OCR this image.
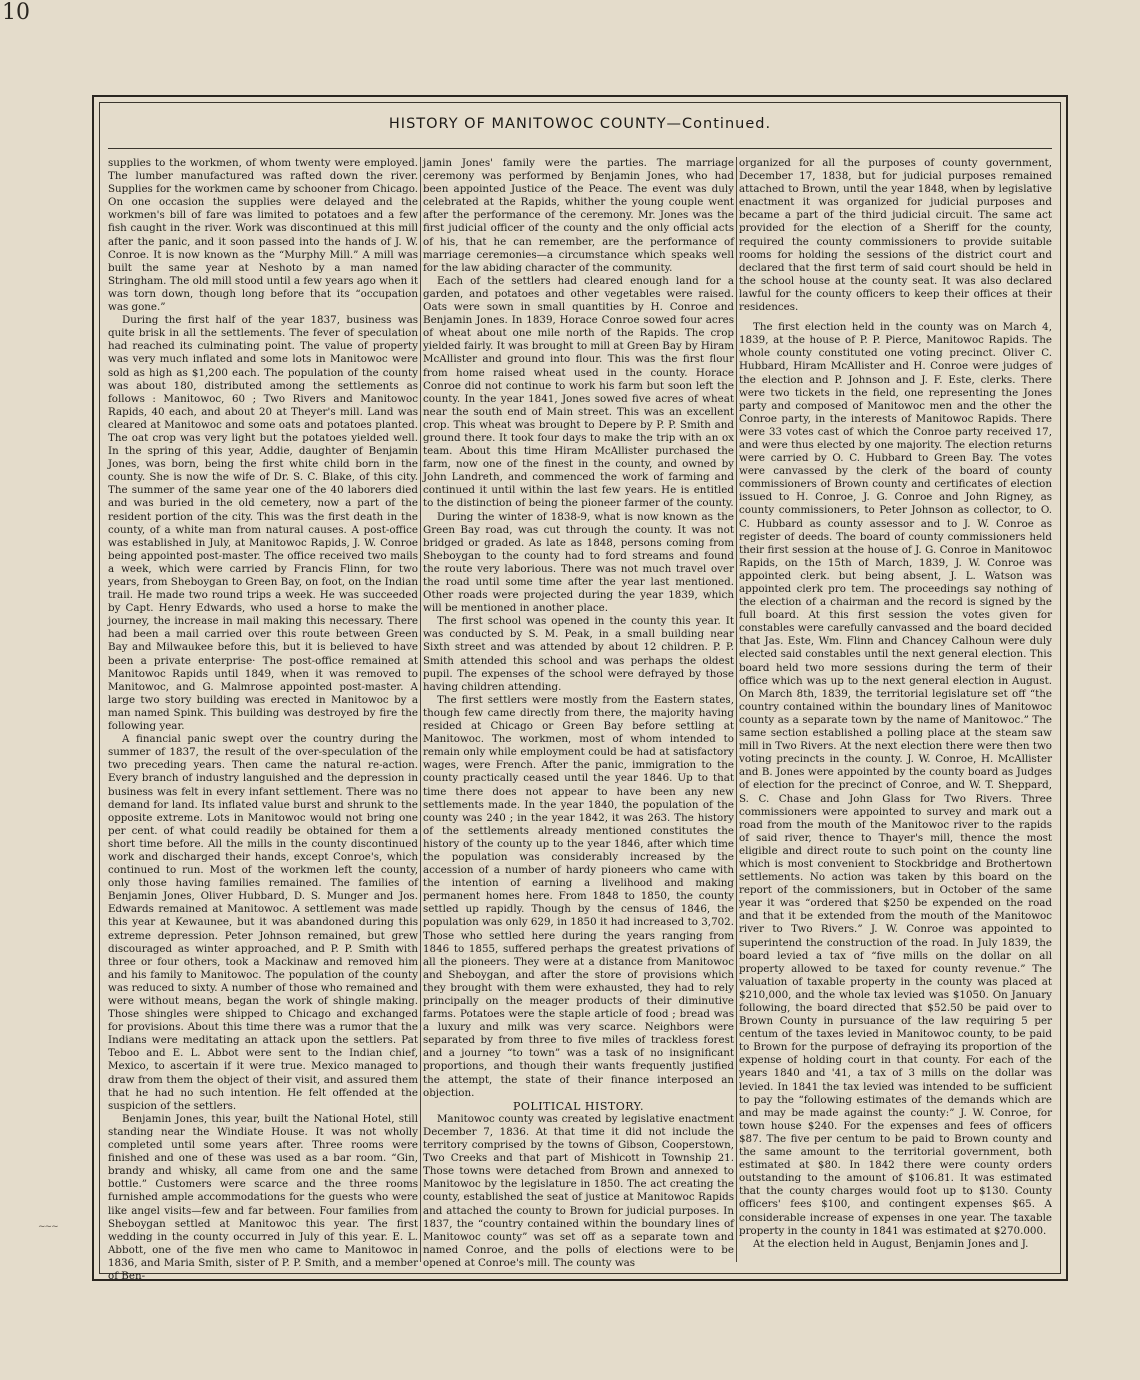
10
~~~
HISTORY OF MANITOWOC COUNTY—Continued.

supplies to the workmen, of whom twenty were employed. The lumber manufactured was rafted down the river. Supplies for the workmen came by schooner from Chicago. On one occasion the supplies were delayed and the workmen's bill of fare was limited to potatoes and a few fish caught in the river. Work was discontinued at this mill after the panic, and it soon passed into the hands of J. W. Conroe. It is now known as the “Murphy Mill.” A mill was built the same year at Neshoto by a man named Stringham. The old mill stood until a few years ago when it was torn down, though long before that its “occupation was gone.”

During the first half of the year 1837, business was quite brisk in all the settlements. The fever of speculation had reached its culminating point. The value of property was very much inflated and some lots in Manitowoc were sold as high as $1,200 each. The population of the county was about 180, distributed among the settlements as follows : Manitowoc, 60 ; Two Rivers and Manitowoc Rapids, 40 each, and about 20 at Theyer's mill. Land was cleared at Manitowoc and some oats and potatoes planted. The oat crop was very light but the potatoes yielded well. In the spring of this year, Addie, daughter of Benjamin Jones, was born, being the first white child born in the county. She is now the wife of Dr. S. C. Blake, of this city. The summer of the same year one of the 40 laborers died and was buried in the old cemetery, now a part of the resident portion of the city. This was the first death in the county, of a white man from natural causes. A post-office was established in July, at Manitowoc Rapids, J. W. Conroe being appointed post-master. The office received two mails a week, which were carried by Francis Flinn, for two years, from Sheboygan to Green Bay, on foot, on the Indian trail. He made two round trips a week. He was succeeded by Capt. Henry Edwards, who used a horse to make the journey, the increase in mail making this necessary. There had been a mail carried over this route between Green Bay and Milwaukee before this, but it is believed to have been a private enterprise· The post-office remained at Manitowoc Rapids until 1849, when it was removed to Manitowoc, and G. Malmrose appointed post-master. A large two story building was erected in Manitowoc by a man named Spink. This building was destroyed by fire the following year.

A financial panic swept over the country during the summer of 1837, the result of the over-speculation of the two preceding years. Then came the natural re-action. Every branch of industry languished and the depression in business was felt in every infant settlement. There was no demand for land. Its inflated value burst and shrunk to the opposite extreme. Lots in Manitowoc would not bring one per cent. of what could readily be obtained for them a short time before. All the mills in the county discontinued work and discharged their hands, except Conroe's, which continued to run. Most of the workmen left the county, only those having families remained. The families of Benjamin Jones, Oliver Hubbard, D. S. Munger and Jos. Edwards remained at Manitowoc. A settlement was made this year at Kewaunee, but it was abandoned during this extreme depression. Peter Johnson remained, but grew discouraged as winter approached, and P. P. Smith with three or four others, took a Mackinaw and removed him and his family to Manitowoc. The population of the county was reduced to sixty. A number of those who remained and were without means, began the work of shingle making. Those shingles were shipped to Chicago and exchanged for provisions. About this time there was a rumor that the Indians were meditating an attack upon the settlers. Pat Teboo and E. L. Abbot were sent to the Indian chief, Mexico, to ascertain if it were true. Mexico managed to draw from them the object of their visit, and assured them that he had no such intention. He felt offended at the suspicion of the settlers.

Benjamin Jones, this year, built the National Hotel, still standing near the Windiate House. It was not wholly completed until some years after. Three rooms were finished and one of these was used as a bar room. “Gin, brandy and whisky, all came from one and the same bottle.” Customers were scarce and the three rooms furnished ample accommodations for the guests who were like angel visits—few and far between. Four families from Sheboygan settled at Manitowoc this year. The first wedding in the county occurred in July of this year. E. L. Abbott, one of the five men who came to Manitowoc in 1836, and Maria Smith, sister of P. P. Smith, and a member of Ben-

jamin Jones' family were the parties. The marriage ceremony was performed by Benjamin Jones, who had been appointed Justice of the Peace. The event was duly celebrated at the Rapids, whither the young couple went after the performance of the ceremony. Mr. Jones was the first judicial officer of the county and the only official acts of his, that he can remember, are the performance of marriage ceremonies—a circumstance which speaks well for the law abiding character of the community.

Each of the settlers had cleared enough land for a garden, and potatoes and other vegetables were raised. Oats were sown in small quantities by H. Conroe and Benjamin Jones. In 1839, Horace Conroe sowed four acres of wheat about one mile north of the Rapids. The crop yielded fairly. It was brought to mill at Green Bay by Hiram McAllister and ground into flour. This was the first flour from home raised wheat used in the county. Horace Conroe did not continue to work his farm but soon left the county. In the year 1841, Jones sowed five acres of wheat near the south end of Main street. This was an excellent crop. This wheat was brought to Depere by P. P. Smith and ground there. It took four days to make the trip with an ox team. About this time Hiram McAllister purchased the farm, now one of the finest in the county, and owned by John Landreth, and commenced the work of farming and continued it until within the last few years. He is entitled to the distinction of being the pioneer farmer of the county.

During the winter of 1838-9, what is now known as the Green Bay road, was cut through the county. It was not bridged or graded. As late as 1848, persons coming from Sheboygan to the county had to ford streams and found the route very laborious. There was not much travel over the road until some time after the year last mentioned. Other roads were projected during the year 1839, which will be mentioned in another place.

The first school was opened in the county this year. It was conducted by S. M. Peak, in a small building near Sixth street and was attended by about 12 children. P. P. Smith attended this school and was perhaps the oldest pupil. The expenses of the school were defrayed by those having children attending.

The first settlers were mostly from the Eastern states, though few came directly from there, the majority having resided at Chicago or Green Bay before settling at Manitowoc. The workmen, most of whom intended to remain only while employment could be had at satisfactory wages, were French. After the panic, immigration to the county practically ceased until the year 1846. Up to that time there does not appear to have been any new settlements made. In the year 1840, the population of the county was 240 ; in the year 1842, it was 263. The history of the settlements already mentioned constitutes the history of the county up to the year 1846, after which time the population was considerably increased by the accession of a number of hardy pioneers who came with the intention of earning a livelihood and making permanent homes here. From 1848 to 1850, the county settled up rapidly. Though by the census of 1846, the population was only 629, in 1850 it had increased to 3,702. Those who settled here during the years ranging from 1846 to 1855, suffered perhaps the greatest privations of all the pioneers. They were at a distance from Manitowoc and Sheboygan, and after the store of provisions which they brought with them were exhausted, they had to rely principally on the meager products of their diminutive farms. Potatoes were the staple article of food ; bread was a luxury and milk was very scarce. Neighbors were separated by from three to five miles of trackless forest and a journey “to town” was a task of no insignificant proportions, and though their wants frequently justified the attempt, the state of their finance interposed an objection.

POLITICAL HISTORY.

Manitowoc county was created by legislative enactment December 7, 1836. At that time it did not include the territory comprised by the towns of Gibson, Cooperstown, Two Creeks and that part of Mishicott in Township 21. Those towns were detached from Brown and annexed to Manitowoc by the legislature in 1850. The act creating the county, established the seat of justice at Manitowoc Rapids and attached the county to Brown for judicial purposes. In 1837, the “country contained within the boundary lines of Manitowoc county” was set off as a separate town and named Conroe, and the polls of elections were to be opened at Conroe's mill. The county was

organized for all the purposes of county government, December 17, 1838, but for judicial purposes remained attached to Brown, until the year 1848, when by legislative enactment it was organized for judicial purposes and became a part of the third judicial circuit. The same act provided for the election of a Sheriff for the county, required the county commissioners to provide suitable rooms for holding the sessions of the district court and declared that the first term of said court should be held in the school house at the county seat. It was also declared lawful for the county officers to keep their offices at their residences.

The first election held in the county was on March 4, 1839, at the house of P. P. Pierce, Manitowoc Rapids. The whole county constituted one voting precinct. Oliver C. Hubbard, Hiram McAllister and H. Conroe were judges of the election and P. Johnson and J. F. Este, clerks. There were two tickets in the field, one representing the Jones party and composed of Manitowoc men and the other the Conroe party, in the interests of Manitowoc Rapids. There were 33 votes cast of which the Conroe party received 17, and were thus elected by one majority. The election returns were carried by O. C. Hubbard to Green Bay. The votes were canvassed by the clerk of the board of county commissioners of Brown county and certificates of election issued to H. Conroe, J. G. Conroe and John Rigney, as county commissioners, to Peter Johnson as collector, to O. C. Hubbard as county assessor and to J. W. Conroe as register of deeds. The board of county commissioners held their first session at the house of J. G. Conroe in Manitowoc Rapids, on the 15th of March, 1839, J. W. Conroe was appointed clerk. but being absent, J. L. Watson was appointed clerk pro tem. The proceedings say nothing of the election of a chairman and the record is signed by the full board. At this first session the votes given for constables were carefully canvassed and the board decided that Jas. Este, Wm. Flinn and Chancey Calhoun were duly elected said constables until the next general election. This board held two more sessions during the term of their office which was up to the next general election in August. On March 8th, 1839, the territorial legislature set off “the country contained within the boundary lines of Manitowoc county as a separate town by the name of Manitowoc.” The same section established a polling place at the steam saw mill in Two Rivers. At the next election there were then two voting precincts in the county. J. W. Conroe, H. McAllister and B. Jones were appointed by the county board as Judges of election for the precinct of Conroe, and W. T. Sheppard, S. C. Chase and John Glass for Two Rivers. Three commissioners were appointed to survey and mark out a road from the mouth of the Manitowoc river to the rapids of said river, thence to Thayer's mill, thence the most eligible and direct route to such point on the county line which is most convenient to Stockbridge and Brothertown settlements. No action was taken by this board on the report of the commissioners, but in October of the same year it was “ordered that $250 be expended on the road and that it be extended from the mouth of the Manitowoc river to Two Rivers.” J. W. Conroe was appointed to superintend the construction of the road. In July 1839, the board levied a tax of “five mills on the dollar on all property allowed to be taxed for county revenue.” The valuation of taxable property in the county was placed at $210,000, and the whole tax levied was $1050. On January following, the board directed that $52.50 be paid over to Brown County in pursuance of the law requiring 5 per centum of the taxes levied in Manitowoc county, to be paid to Brown for the purpose of defraying its proportion of the expense of holding court in that county. For each of the years 1840 and '41, a tax of 3 mills on the dollar was levied. In 1841 the tax levied was intended to be sufficient to pay the “following estimates of the demands which are and may be made against the county:” J. W. Conroe, for town house $240. For the expenses and fees of officers $87. The five per centum to be paid to Brown county and the same amount to the territorial government, both estimated at $80. In 1842 there were county orders outstanding to the amount of $106.81. It was estimated that the county charges would foot up to $130. County officers' fees $100, and contingent expenses $65. A considerable increase of expenses in one year. The taxable property in the county in 1841 was estimated at $270.000.

At the election held in August, Benjamin Jones and J.
